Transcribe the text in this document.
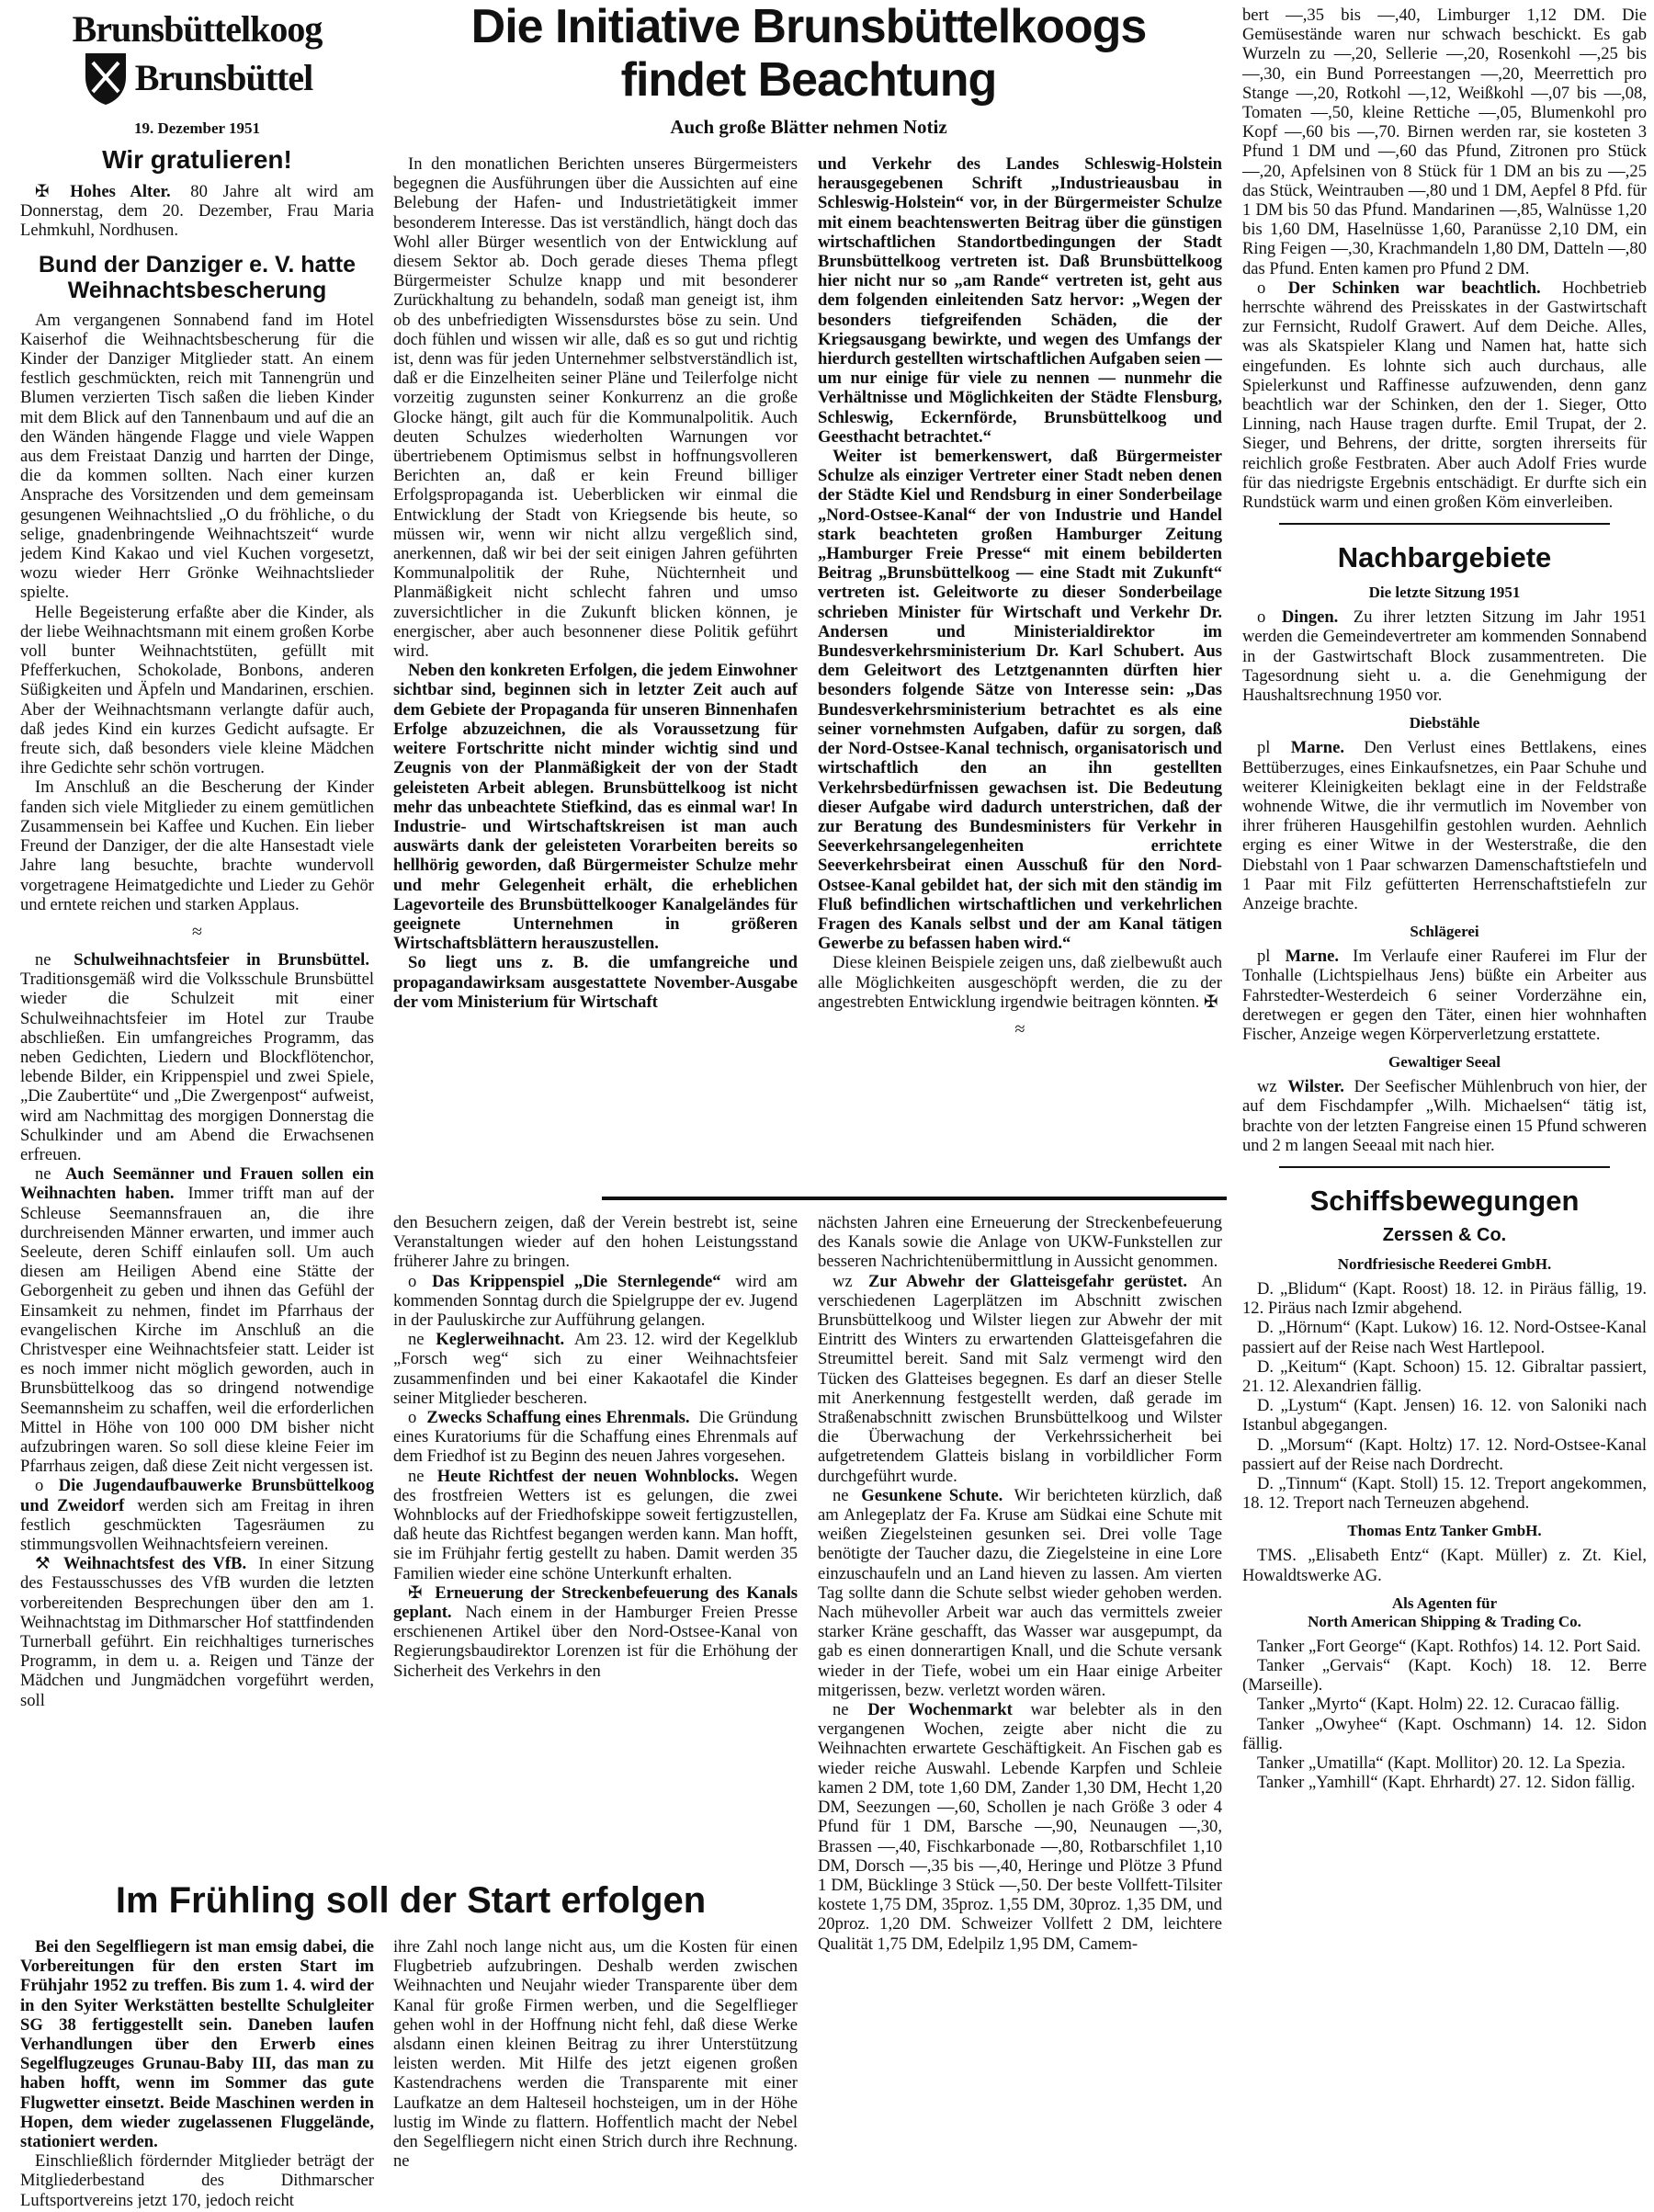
Brunsbüttelkoog
Brunsbüttel
19. Dezember 1951
Wir gratulieren!

✠ Hohes Alter. 80 Jahre alt wird am Donnerstag, dem 20. Dezember, Frau Maria Lehmkuhl, Nordhusen.

Bund der Danziger e. V. hatte Weihnachtsbescherung

Am vergangenen Sonnabend fand im Hotel Kaiserhof die Weihnachtsbescherung für die Kinder der Danziger Mitglieder statt. An einem festlich geschmückten, reich mit Tannengrün und Blumen verzierten Tisch saßen die lieben Kinder mit dem Blick auf den Tannenbaum und auf die an den Wänden hängende Flagge und viele Wappen aus dem Freistaat Danzig und harrten der Dinge, die da kommen sollten. Nach einer kurzen Ansprache des Vorsitzenden und dem gemeinsam gesungenen Weihnachtslied „O du fröhliche, o du selige, gnadenbringende Weihnachtszeit“ wurde jedem Kind Kakao und viel Kuchen vorgesetzt, wozu wieder Herr Grönke Weihnachtslieder spielte.

Helle Begeisterung erfaßte aber die Kinder, als der liebe Weihnachtsmann mit einem großen Korbe voll bunter Weihnachtstüten, gefüllt mit Pfefferkuchen, Schokolade, Bonbons, anderen Süßigkeiten und Äpfeln und Mandarinen, erschien. Aber der Weihnachtsmann verlangte dafür auch, daß jedes Kind ein kurzes Gedicht aufsagte. Er freute sich, daß besonders viele kleine Mädchen ihre Gedichte sehr schön vortrugen.

Im Anschluß an die Bescherung der Kinder fanden sich viele Mitglieder zu einem gemütlichen Zusammensein bei Kaffee und Kuchen. Ein lieber Freund der Danziger, der die alte Hansestadt viele Jahre lang besuchte, brachte wundervoll vorgetragene Heimatgedichte und Lieder zu Gehör und erntete reichen und starken Applaus.

≈

ne Schulweihnachtsfeier in Brunsbüttel. Traditionsgemäß wird die Volksschule Brunsbüttel wieder die Schulzeit mit einer Schulweihnachtsfeier im Hotel zur Traube abschließen. Ein umfangreiches Programm, das neben Gedichten, Liedern und Blockflötenchor, lebende Bilder, ein Krippenspiel und zwei Spiele, „Die Zaubertüte“ und „Die Zwergenpost“ aufweist, wird am Nachmittag des morgigen Donnerstag die Schulkinder und am Abend die Erwachsenen erfreuen.

ne Auch Seemänner und Frauen sollen ein Weihnachten haben. Immer trifft man auf der Schleuse Seemannsfrauen an, die ihre durchreisenden Männer erwarten, und immer auch Seeleute, deren Schiff einlaufen soll. Um auch diesen am Heiligen Abend eine Stätte der Geborgenheit zu geben und ihnen das Gefühl der Einsamkeit zu nehmen, findet im Pfarrhaus der evangelischen Kirche im Anschluß an die Christvesper eine Weihnachtsfeier statt. Leider ist es noch immer nicht möglich geworden, auch in Brunsbüttelkoog das so dringend notwendige Seemannsheim zu schaffen, weil die erforderlichen Mittel in Höhe von 100 000 DM bisher nicht aufzubringen waren. So soll diese kleine Feier im Pfarrhaus zeigen, daß diese Zeit nicht vergessen ist.

o Die Jugendaufbauwerke Brunsbüttelkoog und Zweidorf werden sich am Freitag in ihren festlich geschmückten Tagesräumen zu stimmungsvollen Weihnachtsfeiern vereinen.

⚒ Weihnachtsfest des VfB. In einer Sitzung des Festausschusses des VfB wurden die letzten vorbereitenden Besprechungen über den am 1. Weihnachtstag im Dithmarscher Hof stattfindenden Turnerball geführt. Ein reichhaltiges turnerisches Programm, in dem u. a. Reigen und Tänze der Mädchen und Jungmädchen vorgeführt werden, soll

Die Initiative Brunsbüttelkoogs
findet Beachtung
Auch große Blätter nehmen Notiz

In den monatlichen Berichten unseres Bürgermeisters begegnen die Ausführungen über die Aussichten auf eine Belebung der Hafen- und Industrietätigkeit immer besonderem Interesse. Das ist verständlich, hängt doch das Wohl aller Bürger wesentlich von der Entwicklung auf diesem Sektor ab. Doch gerade dieses Thema pflegt Bürgermeister Schulze knapp und mit besonderer Zurückhaltung zu behandeln, sodaß man geneigt ist, ihm ob des unbefriedigten Wissensdurstes böse zu sein. Und doch fühlen und wissen wir alle, daß es so gut und richtig ist, denn was für jeden Unternehmer selbstverständlich ist, daß er die Einzelheiten seiner Pläne und Teilerfolge nicht vorzeitig zugunsten seiner Konkurrenz an die große Glocke hängt, gilt auch für die Kommunalpolitik. Auch deuten Schulzes wiederholten Warnungen vor übertriebenem Optimismus selbst in hoffnungsvolleren Berichten an, daß er kein Freund billiger Erfolgspropaganda ist. Ueberblicken wir einmal die Entwicklung der Stadt von Kriegsende bis heute, so müssen wir, wenn wir nicht allzu vergeßlich sind, anerkennen, daß wir bei der seit einigen Jahren geführten Kommunalpolitik der Ruhe, Nüchternheit und Planmäßigkeit nicht schlecht fahren und umso zuversichtlicher in die Zukunft blicken können, je energischer, aber auch besonnener diese Politik geführt wird.

Neben den konkreten Erfolgen, die jedem Einwohner sichtbar sind, beginnen sich in letzter Zeit auch auf dem Gebiete der Propaganda für unseren Binnenhafen Erfolge abzuzeichnen, die als Voraussetzung für weitere Fortschritte nicht minder wichtig sind und Zeugnis von der Planmäßigkeit der von der Stadt geleisteten Arbeit ablegen. Brunsbüttelkoog ist nicht mehr das unbeachtete Stiefkind, das es einmal war! In Industrie- und Wirtschaftskreisen ist man auch auswärts dank der geleisteten Vorarbeiten bereits so hellhörig geworden, daß Bürgermeister Schulze mehr und mehr Gelegenheit erhält, die erheblichen Lagevorteile des Brunsbüttelkooger Kanalgeländes für geeignete Unternehmen in größeren Wirtschaftsblättern herauszustellen.

So liegt uns z. B. die umfangreiche und propagandawirksam ausgestattete November-Ausgabe der vom Ministerium für Wirtschaft

und Verkehr des Landes Schleswig-Holstein herausgegebenen Schrift „Industrieausbau in Schleswig-Holstein“ vor, in der Bürgermeister Schulze mit einem beachtenswerten Beitrag über die günstigen wirtschaftlichen Standortbedingungen der Stadt Brunsbüttelkoog vertreten ist. Daß Brunsbüttelkoog hier nicht nur so „am Rande“ vertreten ist, geht aus dem folgenden einleitenden Satz hervor: „Wegen der besonders tiefgreifenden Schäden, die der Kriegsausgang bewirkte, und wegen des Umfangs der hierdurch gestellten wirtschaftlichen Aufgaben seien — um nur einige für viele zu nennen — nunmehr die Verhältnisse und Möglichkeiten der Städte Flensburg, Schleswig, Eckernförde, Brunsbüttelkoog und Geesthacht betrachtet.“

Weiter ist bemerkenswert, daß Bürgermeister Schulze als einziger Vertreter einer Stadt neben denen der Städte Kiel und Rendsburg in einer Sonderbeilage „Nord-Ostsee-Kanal“ der von Industrie und Handel stark beachteten großen Hamburger Zeitung „Hamburger Freie Presse“ mit einem bebilderten Beitrag „Brunsbüttelkoog — eine Stadt mit Zukunft“ vertreten ist. Geleitworte zu dieser Sonderbeilage schrieben Minister für Wirtschaft und Verkehr Dr. Andersen und Ministerialdirektor im Bundesverkehrsministerium Dr. Karl Schubert. Aus dem Geleitwort des Letztgenannten dürften hier besonders folgende Sätze von Interesse sein: „Das Bundesverkehrsministerium betrachtet es als eine seiner vornehmsten Aufgaben, dafür zu sorgen, daß der Nord-Ostsee-Kanal technisch, organisatorisch und wirtschaftlich den an ihn gestellten Verkehrsbedürfnissen gewachsen ist. Die Bedeutung dieser Aufgabe wird dadurch unterstrichen, daß der zur Beratung des Bundesministers für Verkehr in Seeverkehrsangelegenheiten errichtete Seeverkehrsbeirat einen Ausschuß für den Nord-Ostsee-Kanal gebildet hat, der sich mit den ständig im Fluß befindlichen wirtschaftlichen und verkehrlichen Fragen des Kanals selbst und der am Kanal tätigen Gewerbe zu befassen haben wird.“

Diese kleinen Beispiele zeigen uns, daß zielbewußt auch alle Möglichkeiten ausgeschöpft werden, die zu der angestrebten Entwicklung irgendwie beitragen könnten. ✠

≈

den Besuchern zeigen, daß der Verein bestrebt ist, seine Veranstaltungen wieder auf den hohen Leistungsstand früherer Jahre zu bringen.

o Das Krippenspiel „Die Sternlegende“ wird am kommenden Sonntag durch die Spielgruppe der ev. Jugend in der Pauluskirche zur Aufführung gelangen.

ne Keglerweihnacht. Am 23. 12. wird der Kegelklub „Forsch weg“ sich zu einer Weihnachtsfeier zusammenfinden und bei einer Kakaotafel die Kinder seiner Mitglieder bescheren.

o Zwecks Schaffung eines Ehrenmals. Die Gründung eines Kuratoriums für die Schaffung eines Ehrenmals auf dem Friedhof ist zu Beginn des neuen Jahres vorgesehen.

ne Heute Richtfest der neuen Wohnblocks. Wegen des frostfreien Wetters ist es gelungen, die zwei Wohnblocks auf der Friedhofskippe soweit fertigzustellen, daß heute das Richtfest begangen werden kann. Man hofft, sie im Frühjahr fertig gestellt zu haben. Damit werden 35 Familien wieder eine schöne Unterkunft erhalten.

✠ Erneuerung der Streckenbefeuerung des Kanals geplant. Nach einem in der Hamburger Freien Presse erschienenen Artikel über den Nord-Ostsee-Kanal von Regierungsbaudirektor Lorenzen ist für die Erhöhung der Sicherheit des Verkehrs in den

nächsten Jahren eine Erneuerung der Streckenbefeuerung des Kanals sowie die Anlage von UKW-Funkstellen zur besseren Nachrichtenübermittlung in Aussicht genommen.

wz Zur Abwehr der Glatteisgefahr gerüstet. An verschiedenen Lagerplätzen im Abschnitt zwischen Brunsbüttelkoog und Wilster liegen zur Abwehr der mit Eintritt des Winters zu erwartenden Glatteisgefahren die Streumittel bereit. Sand mit Salz vermengt wird den Tücken des Glatteises begegnen. Es darf an dieser Stelle mit Anerkennung festgestellt werden, daß gerade im Straßenabschnitt zwischen Brunsbüttelkoog und Wilster die Überwachung der Verkehrssicherheit bei aufgetretendem Glatteis bislang in vorbildlicher Form durchgeführt wurde.

ne Gesunkene Schute. Wir berichteten kürzlich, daß am Anlegeplatz der Fa. Kruse am Südkai eine Schute mit weißen Ziegelsteinen gesunken sei. Drei volle Tage benötigte der Taucher dazu, die Ziegelsteine in eine Lore einzuschaufeln und an Land hieven zu lassen. Am vierten Tag sollte dann die Schute selbst wieder gehoben werden. Nach mühevoller Arbeit war auch das vermittels zweier starker Kräne geschafft, das Wasser war ausgepumpt, da gab es einen donnerartigen Knall, und die Schute versank wieder in der Tiefe, wobei um ein Haar einige Arbeiter mitgerissen, bezw. verletzt worden wären.

ne Der Wochenmarkt war belebter als in den vergangenen Wochen, zeigte aber nicht die zu Weihnachten erwartete Geschäftigkeit. An Fischen gab es wieder reiche Auswahl. Lebende Karpfen und Schleie kamen 2 DM, tote 1,60 DM, Zander 1,30 DM, Hecht 1,20 DM, Seezungen —,60, Schollen je nach Größe 3 oder 4 Pfund für 1 DM, Barsche —,90, Neunaugen —,30, Brassen —,40, Fischkarbonade —,80, Rotbarschfilet 1,10 DM, Dorsch —,35 bis —,40, Heringe und Plötze 3 Pfund 1 DM, Bücklinge 3 Stück —,50. Der beste Vollfett-Tilsiter kostete 1,75 DM, 35proz. 1,55 DM, 30proz. 1,35 DM, und 20proz. 1,20 DM. Schweizer Vollfett 2 DM, leichtere Qualität 1,75 DM, Edelpilz 1,95 DM, Camem-

Im Frühling soll der Start erfolgen

Bei den Segelfliegern ist man emsig dabei, die Vorbereitungen für den ersten Start im Frühjahr 1952 zu treffen. Bis zum 1. 4. wird der in den Syiter Werkstätten bestellte Schulgleiter SG 38 fertiggestellt sein. Daneben laufen Verhandlungen über den Erwerb eines Segelflugzeuges Grunau-Baby III, das man zu haben hofft, wenn im Sommer das gute Flugwetter einsetzt. Beide Maschinen werden in Hopen, dem wieder zugelassenen Fluggelände, stationiert werden.

Einschließlich fördernder Mitglieder beträgt der Mitgliederbestand des Dithmarscher Luftsportvereins jetzt 170, jedoch reicht

ihre Zahl noch lange nicht aus, um die Kosten für einen Flugbetrieb aufzubringen. Deshalb werden zwischen Weihnachten und Neujahr wieder Transparente über dem Kanal für große Firmen werben, und die Segelflieger gehen wohl in der Hoffnung nicht fehl, daß diese Werke alsdann einen kleinen Beitrag zu ihrer Unterstützung leisten werden. Mit Hilfe des jetzt eigenen großen Kastendrachens werden die Transparente mit einer Laufkatze an dem Halteseil hochsteigen, um in der Höhe lustig im Winde zu flattern. Hoffentlich macht der Nebel den Segelfliegern nicht einen Strich durch ihre Rechnung. ne

bert —,35 bis —,40, Limburger 1,12 DM. Die Gemüsestände waren nur schwach beschickt. Es gab Wurzeln zu —,20, Sellerie —,20, Rosenkohl —,25 bis —,30, ein Bund Porreestangen —,20, Meerrettich pro Stange —,20, Rotkohl —,12, Weißkohl —,07 bis —,08, Tomaten —,50, kleine Rettiche —,05, Blumenkohl pro Kopf —,60 bis —,70. Birnen werden rar, sie kosteten 3 Pfund 1 DM und —,60 das Pfund, Zitronen pro Stück —,20, Apfelsinen von 8 Stück für 1 DM an bis zu —,25 das Stück, Weintrauben —,80 und 1 DM, Aepfel 8 Pfd. für 1 DM bis 50 das Pfund. Mandarinen —,85, Walnüsse 1,20 bis 1,60 DM, Haselnüsse 1,60, Paranüsse 2,10 DM, ein Ring Feigen —,30, Krachmandeln 1,80 DM, Datteln —,80 das Pfund. Enten kamen pro Pfund 2 DM.

o Der Schinken war beachtlich. Hochbetrieb herrschte während des Preisskates in der Gastwirtschaft zur Fernsicht, Rudolf Grawert. Auf dem Deiche. Alles, was als Skatspieler Klang und Namen hat, hatte sich eingefunden. Es lohnte sich auch durchaus, alle Spielerkunst und Raffinesse aufzuwenden, denn ganz beachtlich war der Schinken, den der 1. Sieger, Otto Linning, nach Hause tragen durfte. Emil Trupat, der 2. Sieger, und Behrens, der dritte, sorgten ihrerseits für reichlich große Festbraten. Aber auch Adolf Fries wurde für das niedrigste Ergebnis entschädigt. Er durfte sich ein Rundstück warm und einen großen Köm einverleiben.

Nachbargebiete
Die letzte Sitzung 1951

o Dingen. Zu ihrer letzten Sitzung im Jahr 1951 werden die Gemeindevertreter am kommenden Sonnabend in der Gastwirtschaft Block zusammentreten. Die Tagesordnung sieht u. a. die Genehmigung der Haushaltsrechnung 1950 vor.

Diebstähle

pl Marne. Den Verlust eines Bettlakens, eines Bettüberzuges, eines Einkaufsnetzes, ein Paar Schuhe und weiterer Kleinigkeiten beklagt eine in der Feldstraße wohnende Witwe, die ihr vermutlich im November von ihrer früheren Hausgehilfin gestohlen wurden. Aehnlich erging es einer Witwe in der Westerstraße, die den Diebstahl von 1 Paar schwarzen Damenschaftstiefeln und 1 Paar mit Filz gefütterten Herrenschaftstiefeln zur Anzeige brachte.

Schlägerei

pl Marne. Im Verlaufe einer Rauferei im Flur der Tonhalle (Lichtspielhaus Jens) büßte ein Arbeiter aus Fahrstedter-Westerdeich 6 seiner Vorderzähne ein, deretwegen er gegen den Täter, einen hier wohnhaften Fischer, Anzeige wegen Körperverletzung erstattete.

Gewaltiger Seeal

wz Wilster. Der Seefischer Mühlenbruch von hier, der auf dem Fischdampfer „Wilh. Michaelsen“ tätig ist, brachte von der letzten Fangreise einen 15 Pfund schweren und 2 m langen Seeaal mit nach hier.

Schiffsbewegungen
Zerssen & Co.
Nordfriesische Reederei GmbH.

D. „Blidum“ (Kapt. Roost) 18. 12. in Piräus fällig, 19. 12. Piräus nach Izmir abgehend.

D. „Hörnum“ (Kapt. Lukow) 16. 12. Nord-Ostsee-Kanal passiert auf der Reise nach West Hartlepool.

D. „Keitum“ (Kapt. Schoon) 15. 12. Gibraltar passiert, 21. 12. Alexandrien fällig.

D. „Lystum“ (Kapt. Jensen) 16. 12. von Saloniki nach Istanbul abgegangen.

D. „Morsum“ (Kapt. Holtz) 17. 12. Nord-Ostsee-Kanal passiert auf der Reise nach Dordrecht.

D. „Tinnum“ (Kapt. Stoll) 15. 12. Treport angekommen, 18. 12. Treport nach Terneuzen abgehend.

Thomas Entz Tanker GmbH.

TMS. „Elisabeth Entz“ (Kapt. Müller) z. Zt. Kiel, Howaldtswerke AG.

Als Agenten für
North American Shipping & Trading Co.

Tanker „Fort George“ (Kapt. Rothfos) 14. 12. Port Said.

Tanker „Gervais“ (Kapt. Koch) 18. 12. Berre (Marseille).

Tanker „Myrto“ (Kapt. Holm) 22. 12. Curacao fällig.

Tanker „Owyhee“ (Kapt. Oschmann) 14. 12. Sidon fällig.

Tanker „Umatilla“ (Kapt. Mollitor) 20. 12. La Spezia.

Tanker „Yamhill“ (Kapt. Ehrhardt) 27. 12. Sidon fällig.
